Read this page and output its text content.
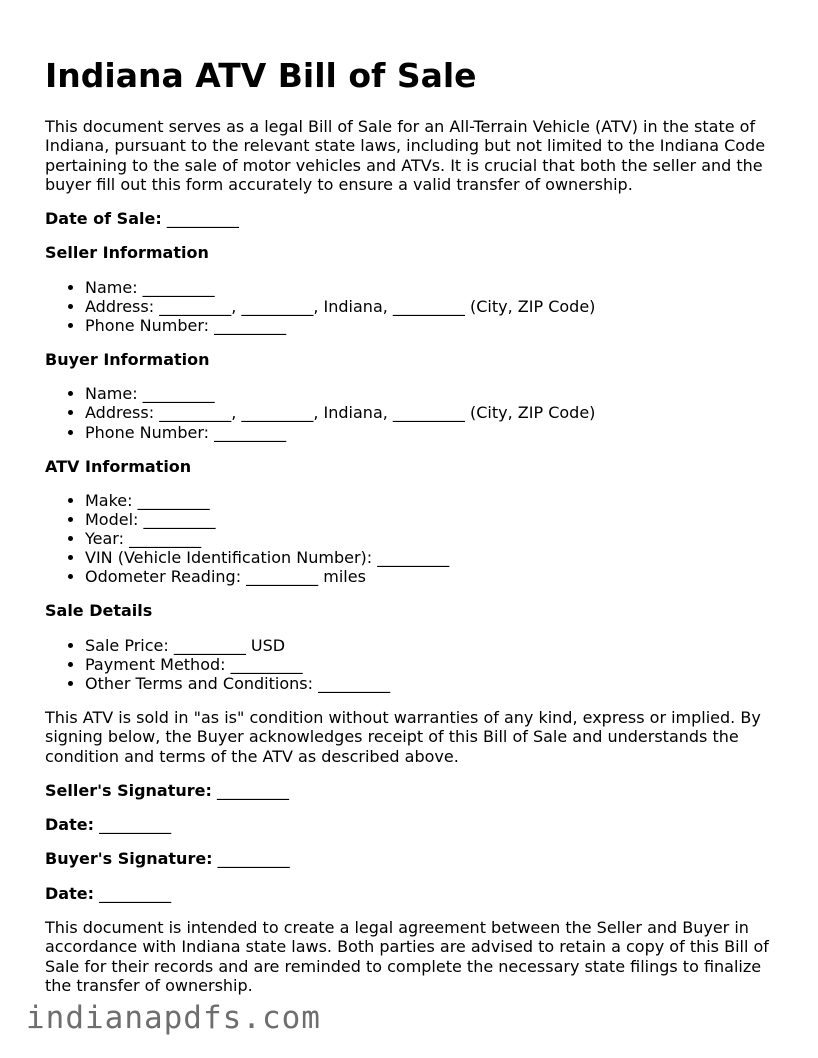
Indiana ATV Bill of Sale

This document serves as a legal Bill of Sale for an All-Terrain Vehicle (ATV) in the state of Indiana, pursuant to the relevant state laws, including but not limited to the Indiana Code pertaining to the sale of motor vehicles and ATVs. It is crucial that both the seller and the buyer fill out this form accurately to ensure a valid transfer of ownership.

Date of Sale: _________
Seller Information
• Name: _________
• Address: _________, _________, Indiana, _________ (City, ZIP Code)
• Phone Number: _________
Buyer Information
• Name: _________
• Address: _________, _________, Indiana, _________ (City, ZIP Code)
• Phone Number: _________
ATV Information
• Make: _________
• Model: _________
• Year: _________
• VIN (Vehicle Identification Number): _________
• Odometer Reading: _________ miles
Sale Details
• Sale Price: _________ USD
• Payment Method: _________
• Other Terms and Conditions: _________

This ATV is sold in "as is" condition without warranties of any kind, express or implied. By signing below, the Buyer acknowledges receipt of this Bill of Sale and understands the condition and terms of the ATV as described above.

Seller's Signature: _________
Date: _________
Buyer's Signature: _________
Date: _________

This document is intended to create a legal agreement between the Seller and Buyer in accordance with Indiana state laws. Both parties are advised to retain a copy of this Bill of Sale for their records and are reminded to complete the necessary state filings to finalize the transfer of ownership.

indianapdfs.com
